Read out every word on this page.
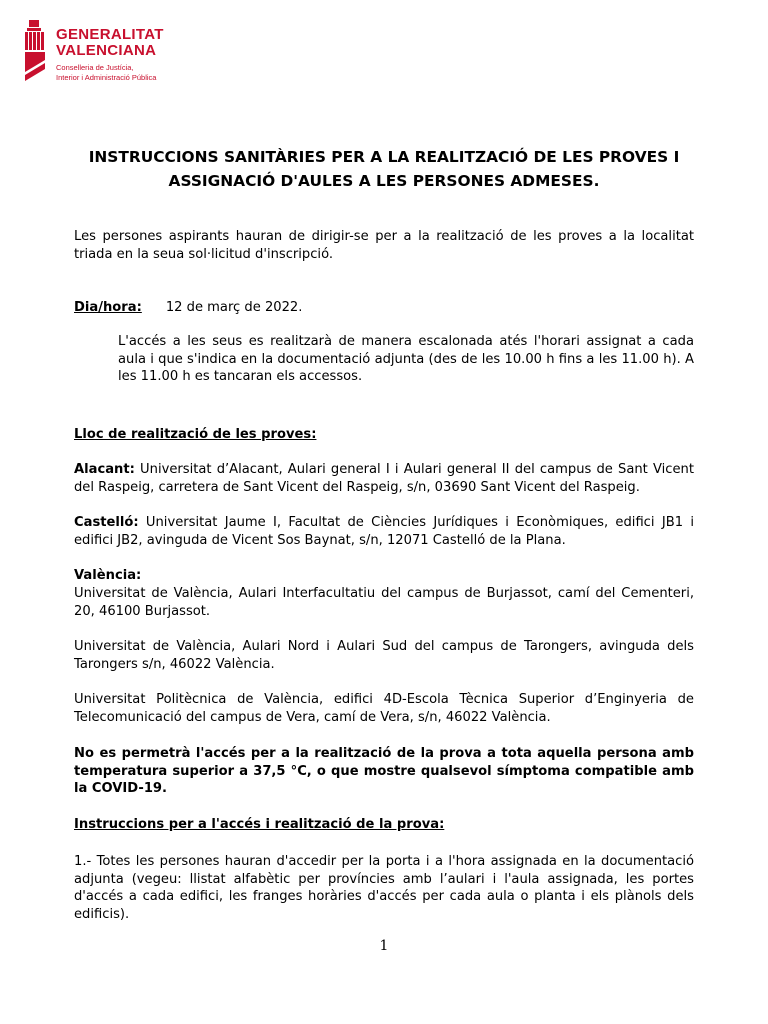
GENERALITAT
VALENCIANA
Conselleria de Justícia,
Interior i Administració Pública
INSTRUCCIONS SANITÀRIES PER A LA REALITZACIÓ DE LES PROVES I
ASSIGNACIÓ D'AULES A LES PERSONES ADMESES.
Les persones aspirants hauran de dirigir-se per a la realització de les proves a la localitat triada en la seua sol·licitud d'inscripció.
Dia/hora: 12 de març de 2022.
L'accés a les seus es realitzarà de manera escalonada atés l'horari assignat a cada aula i que s'indica en la documentació adjunta (des de les 10.00 h fins a les 11.00 h). A les 11.00 h es tancaran els accessos.
Lloc de realització de les proves:
Alacant: Universitat d’Alacant, Aulari general I i Aulari general II del campus de Sant Vicent del Raspeig, carretera de Sant Vicent del Raspeig, s/n, 03690 Sant Vicent del Raspeig.
Castelló: Universitat Jaume I, Facultat de Ciències Jurídiques i Econòmiques, edifici JB1 i edifici JB2, avinguda de Vicent Sos Baynat, s/n, 12071 Castelló de la Plana.
València:
Universitat de València, Aulari Interfacultatiu del campus de Burjassot, camí del Cementeri, 20, 46100 Burjassot.
Universitat de València, Aulari Nord i Aulari Sud del campus de Tarongers, avinguda dels Tarongers s/n, 46022 València.
Universitat Politècnica de València, edifici 4D-Escola Tècnica Superior d’Enginyeria de Telecomunicació del campus de Vera, camí de Vera, s/n, 46022 València.
No es permetrà l'accés per a la realització de la prova a tota aquella persona amb temperatura superior a 37,5 °C, o que mostre qualsevol símptoma compatible amb la COVID-19.
Instruccions per a l'accés i realització de la prova:
1.- Totes les persones hauran d'accedir per la porta i a l'hora assignada en la documentació adjunta (vegeu: llistat alfabètic per províncies amb l’aulari i l'aula assignada, les portes d'accés a cada edifici, les franges horàries d'accés per cada aula o planta i els plànols dels edificis).
1
